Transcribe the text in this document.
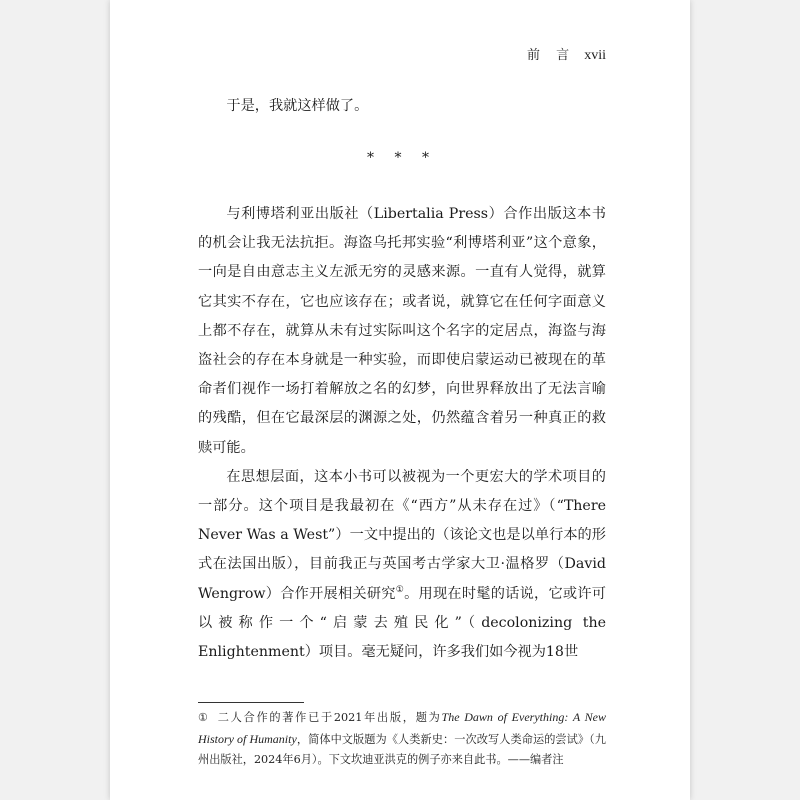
前 言 xvii

于是，我就这样做了。

* * *

与利博塔利亚出版社（Libertalia Press）合作出版这本书的机会让我无法抗拒。海盗乌托邦实验“利博塔利亚”这个意象，一向是自由意志主义左派无穷的灵感来源。一直有人觉得，就算它其实不存在，它也应该存在；或者说，就算它在任何字面意义上都不存在，就算从未有过实际叫这个名字的定居点，海盗与海盗社会的存在本身就是一种实验，而即使启蒙运动已被现在的革命者们视作一场打着解放之名的幻梦，向世界释放出了无法言喻的残酷，但在它最深层的渊源之处，仍然蕴含着另一种真正的救赎可能。

在思想层面，这本小书可以被视为一个更宏大的学术项目的一部分。这个项目是我最初在《“西方”从未存在过》（“There Never Was a West”）一文中提出的（该论文也是以单行本的形式在法国出版），目前我正与英国考古学家大卫·温格罗（David Wengrow）合作开展相关研究①。用现在时髦的话说，它或许可以被称作一个“启蒙去殖民化”（decolonizing the Enlightenment）项目。毫无疑问，许多我们如今视为18世

① 二人合作的著作已于2021年出版，题为The Dawn of Everything: A New History of Humanity，简体中文版题为《人类新史：一次改写人类命运的尝试》（九州出版社，2024年6月）。下文坎迪亚洪克的例子亦来自此书。——编者注
